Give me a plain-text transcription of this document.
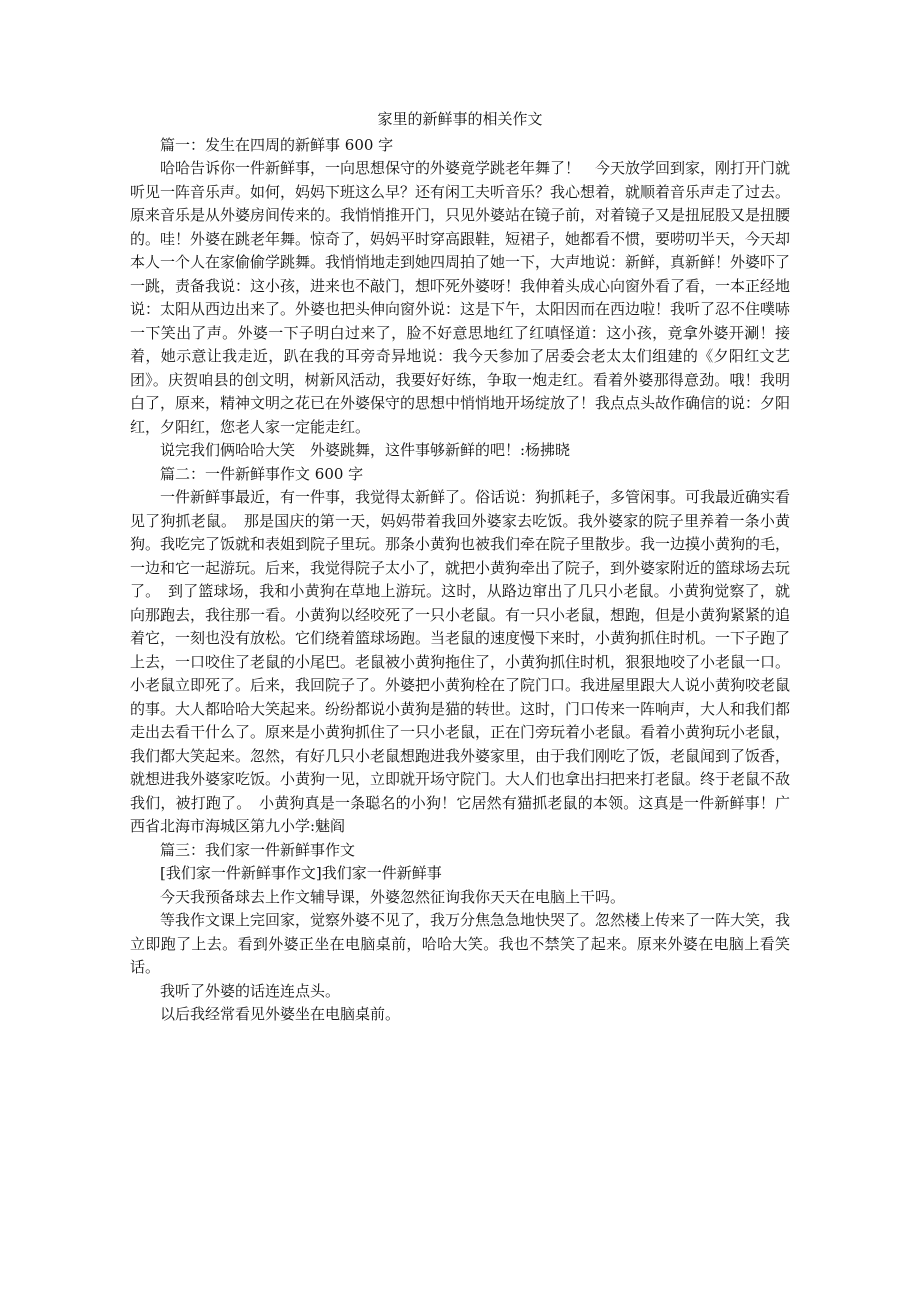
家里的新鲜事的相关作文

篇一：发生在四周的新鲜事 600 字

哈哈告诉你一件新鲜事，一向思想保守的外婆竟学跳老年舞了！　今天放学回到家，刚打开门就听见一阵音乐声。如何，妈妈下班这么早？还有闲工夫听音乐？我心想着，就顺着音乐声走了过去。原来音乐是从外婆房间传来的。我悄悄推开门，只见外婆站在镜子前，对着镜子又是扭屁股又是扭腰的。哇！外婆在跳老年舞。惊奇了，妈妈平时穿高跟鞋，短裙子，她都看不惯，要唠叨半天，今天却本人一个人在家偷偷学跳舞。我悄悄地走到她四周拍了她一下，大声地说：新鲜，真新鲜！外婆吓了一跳，责备我说：这小孩，进来也不敲门，想吓死外婆呀！我伸着头成心向窗外看了看，一本正经地说：太阳从西边出来了。外婆也把头伸向窗外说：这是下午，太阳因而在西边啦！我听了忍不住噗哧一下笑出了声。外婆一下子明白过来了，脸不好意思地红了红嗔怪道：这小孩，竟拿外婆开涮！接着，她示意让我走近，趴在我的耳旁奇异地说：我今天参加了居委会老太太们组建的《夕阳红文艺团》。庆贺咱县的创文明，树新风活动，我要好好练，争取一炮走红。看着外婆那得意劲。哦！我明白了，原来，精神文明之花已在外婆保守的思想中悄悄地开场绽放了！我点点头故作确信的说：夕阳红，夕阳红，您老人家一定能走红。

说完我们俩哈哈大笑　外婆跳舞，这件事够新鲜的吧！:杨拂晓

篇二：一件新鲜事作文 600 字

一件新鲜事最近，有一件事，我觉得太新鲜了。俗话说：狗抓耗子，多管闲事。可我最近确实看见了狗抓老鼠。　那是国庆的第一天，妈妈带着我回外婆家去吃饭。我外婆家的院子里养着一条小黄狗。我吃完了饭就和表姐到院子里玩。那条小黄狗也被我们牵在院子里散步。我一边摸小黄狗的毛，一边和它一起游玩。后来，我觉得院子太小了，就把小黄狗牵出了院子，到外婆家附近的篮球场去玩了。　到了篮球场，我和小黄狗在草地上游玩。这时，从路边窜出了几只小老鼠。小黄狗觉察了，就向那跑去，我往那一看。小黄狗以经咬死了一只小老鼠。有一只小老鼠，想跑，但是小黄狗紧紧的追着它，一刻也没有放松。它们绕着篮球场跑。当老鼠的速度慢下来时，小黄狗抓住时机。一下子跑了上去，一口咬住了老鼠的小尾巴。老鼠被小黄狗拖住了，小黄狗抓住时机，狠狠地咬了小老鼠一口。小老鼠立即死了。后来，我回院子了。外婆把小黄狗栓在了院门口。我进屋里跟大人说小黄狗咬老鼠的事。大人都哈哈大笑起来。纷纷都说小黄狗是猫的转世。这时，门口传来一阵响声，大人和我们都走出去看干什么了。原来是小黄狗抓住了一只小老鼠，正在门旁玩着小老鼠。看着小黄狗玩小老鼠，我们都大笑起来。忽然，有好几只小老鼠想跑进我外婆家里，由于我们刚吃了饭，老鼠闻到了饭香，就想进我外婆家吃饭。小黄狗一见，立即就开场守院门。大人们也拿出扫把来打老鼠。终于老鼠不敌我们，被打跑了。　小黄狗真是一条聪名的小狗！它居然有猫抓老鼠的本领。这真是一件新鲜事！广西省北海市海城区第九小学:魅阎

篇三：我们家一件新鲜事作文

[我们家一件新鲜事作文]我们家一件新鲜事

今天我预备球去上作文辅导课，外婆忽然征询我你天天在电脑上干吗。

等我作文课上完回家，觉察外婆不见了，我万分焦急急地快哭了。忽然楼上传来了一阵大笑，我立即跑了上去。看到外婆正坐在电脑桌前，哈哈大笑。我也不禁笑了起来。原来外婆在电脑上看笑话。

我听了外婆的话连连点头。

以后我经常看见外婆坐在电脑桌前。
